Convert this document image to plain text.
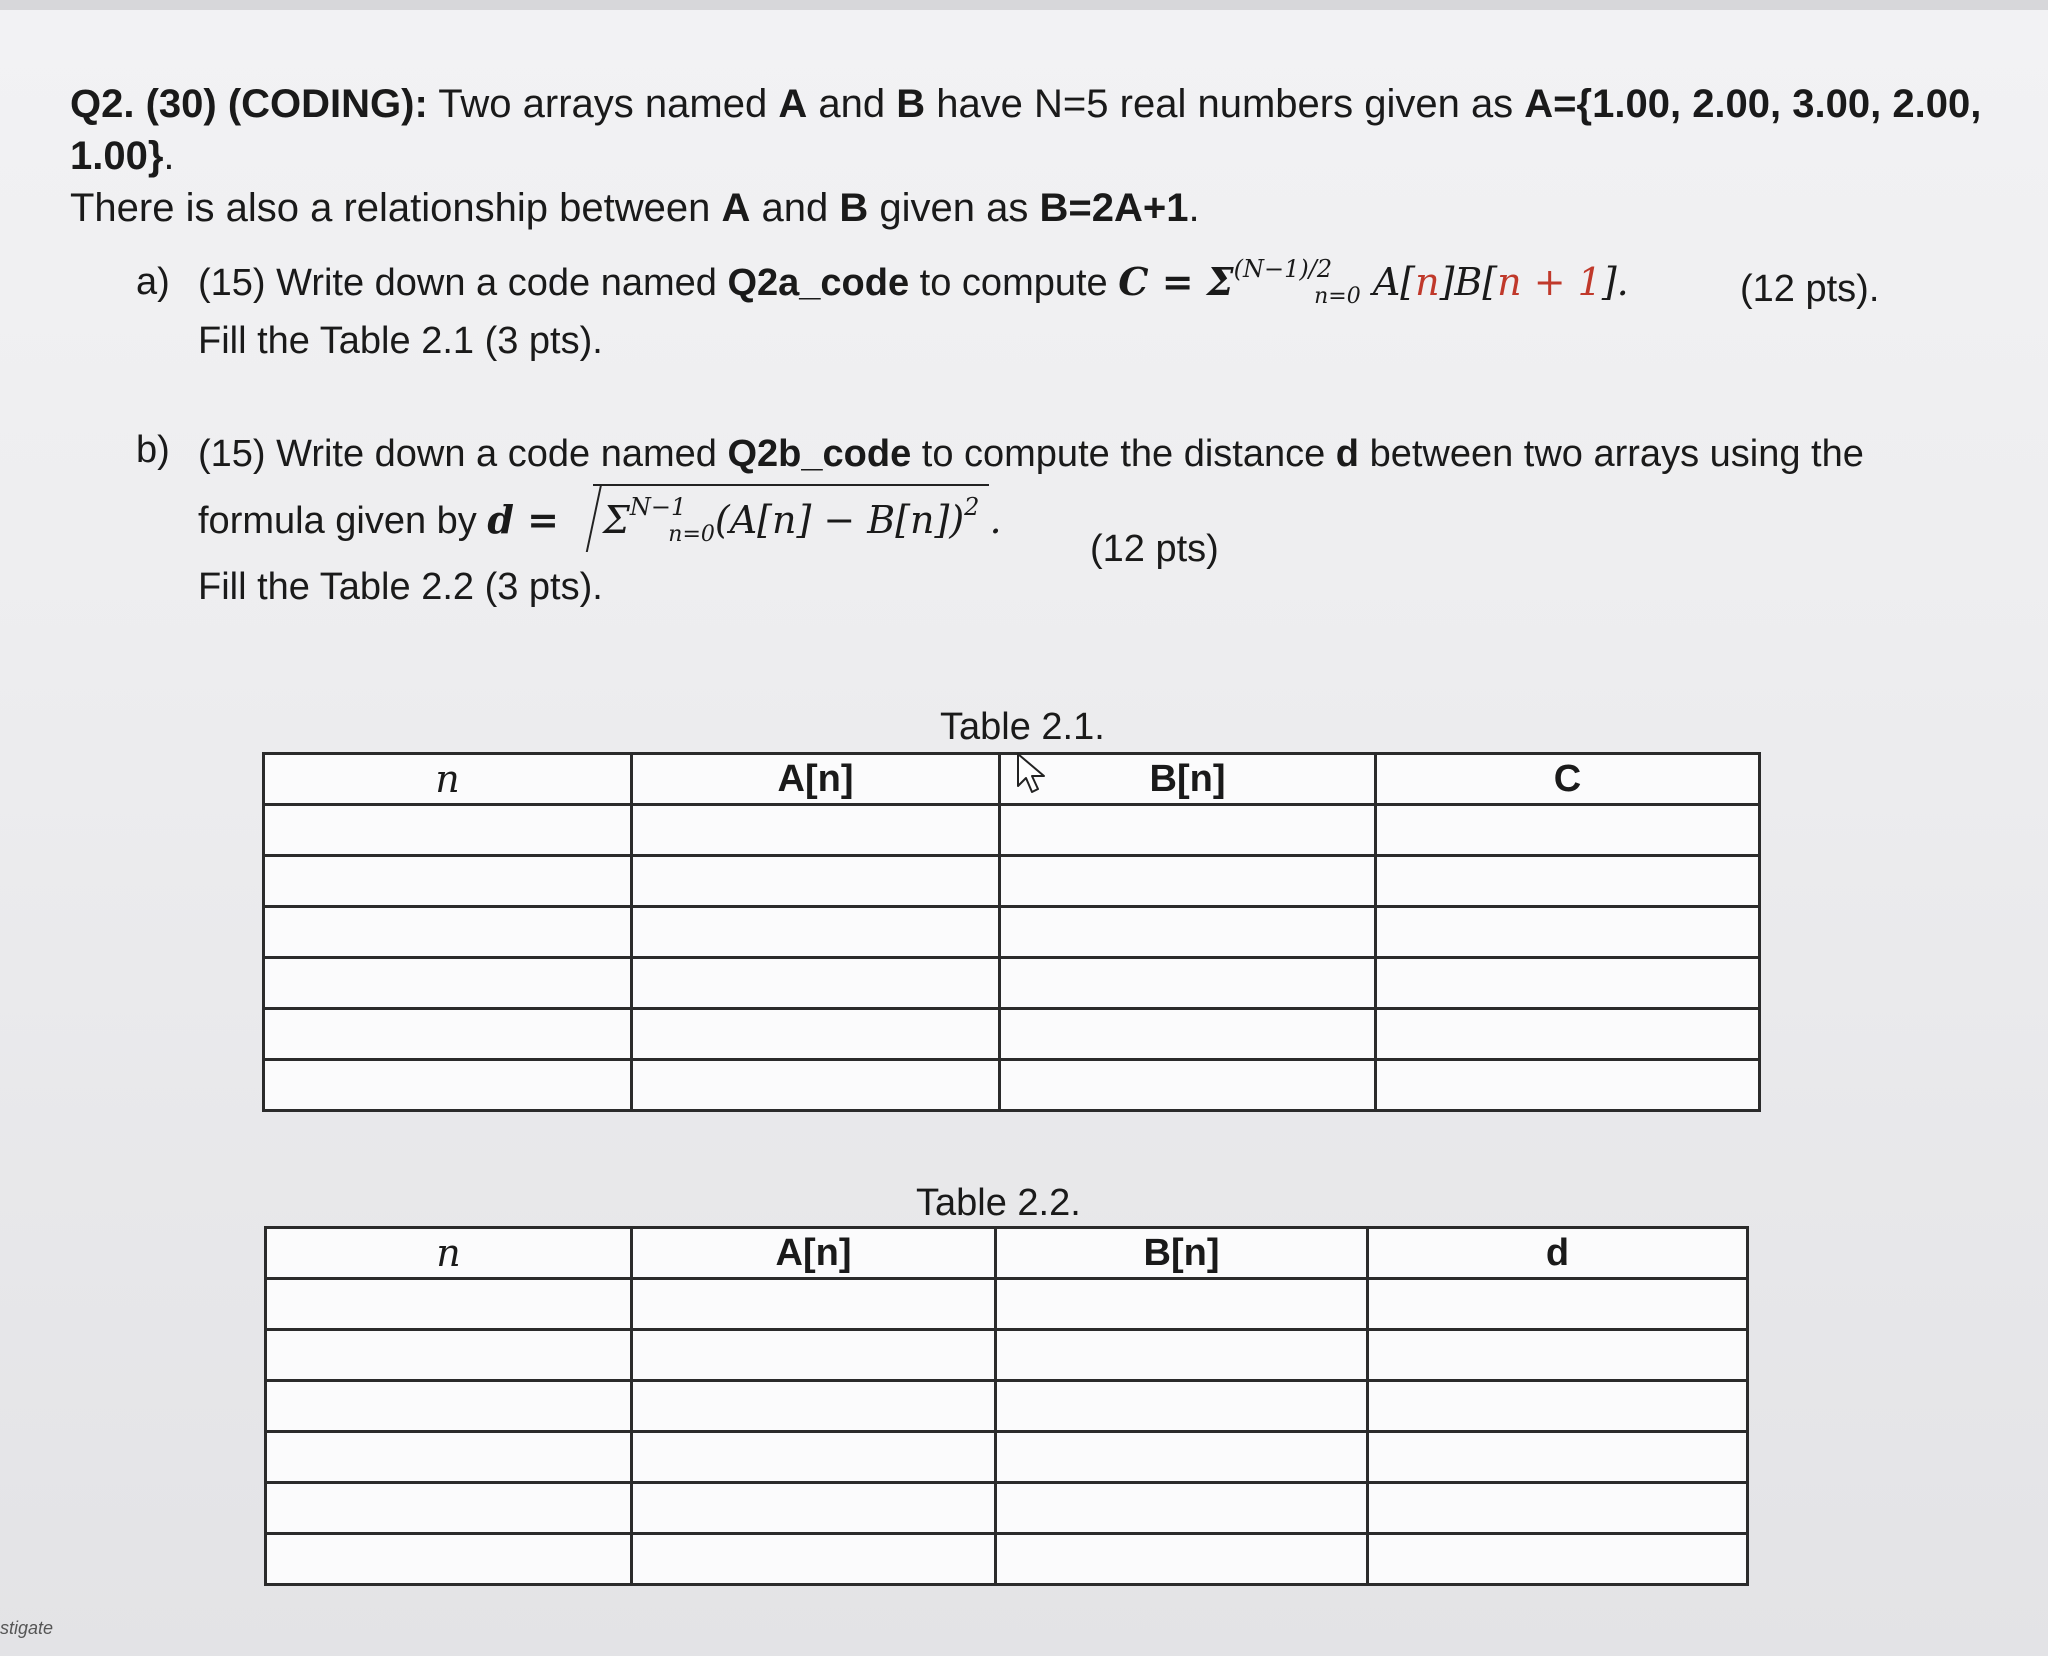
Q2. (30) (CODING): Two arrays named A and B have N=5 real numbers given as A={1.00, 2.00, 3.00, 2.00, 1.00}.
There is also a relationship between A and B given as B=2A+1.
a) (15) Write down a code named Q2a_code to compute $C = \Sigma^{(N-1)/2}_{n=0}$ A[n]B[n + 1].
Fill the Table 2.1 (3 pts).
(12 pts).
b) (15) Write down a code named Q2b_code to compute the distance d between two arrays using the
formula given by $d = \Sigma^{N-1}_{n=0}(A[n] - B[n])^2$ .
Fill the Table 2.2 (3 pts).
(12 pts)
Table 2.1.
n	A[n]	B[n]	C

Table 2.2.
n	A[n]	B[n]	d

stigate
